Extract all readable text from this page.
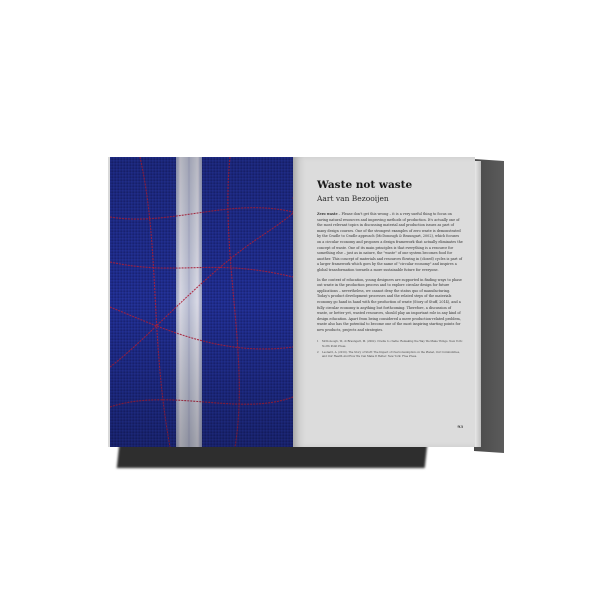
Waste not waste
Aart van Bezooijen

Zero waste – Please don't get this wrong – it is a very useful thing to focus on saving natural resources and improving methods of production. It's actually one of the most relevant topics in discussing material and production issues as part of many design courses. One of the strongest examples of zero waste is demonstrated by the Cradle to Cradle approach (McDonough & Braungart, 2002), which focuses on a circular economy and proposes a design framework that actually eliminates the concept of waste. One of its main principles is that everything is a resource for something else – just as in nature, the "waste" of one system becomes food for another. This concept of materials and resources flowing in (closed) cycles is part of a larger framework which goes by the name of "circular economy" and inspires a global transformation towards a more sustainable future for everyone.

In the context of education, young designers are supported in finding ways to phase out waste in the production process and to explore circular design for future applications – nevertheless, we cannot deny the status quo of manufacturing. Today's product development processes and the related steps of the materials economy go hand in hand with the production of waste (Story of Stuff, 2014), and a fully circular economy is anything but forthcoming. Therefore, a discussion of waste, or better yet, wasted resources, should play an important role in any kind of design education. Apart from being considered a mere production-related problem, waste also has the potential to become one of the most inspiring starting points for new products, projects and strategies.

1 McDonough, W., & Braungart, M. (2002). Cradle to cradle: Remaking the Way We Make Things. New York: North Point Press.
2 Leonard, A. (2010). The Story of Stuff: The Impact of Overconsumption on the Planet, Our Communities, and Our Health And How We Can Make It Better. New York: Free Press.
93
